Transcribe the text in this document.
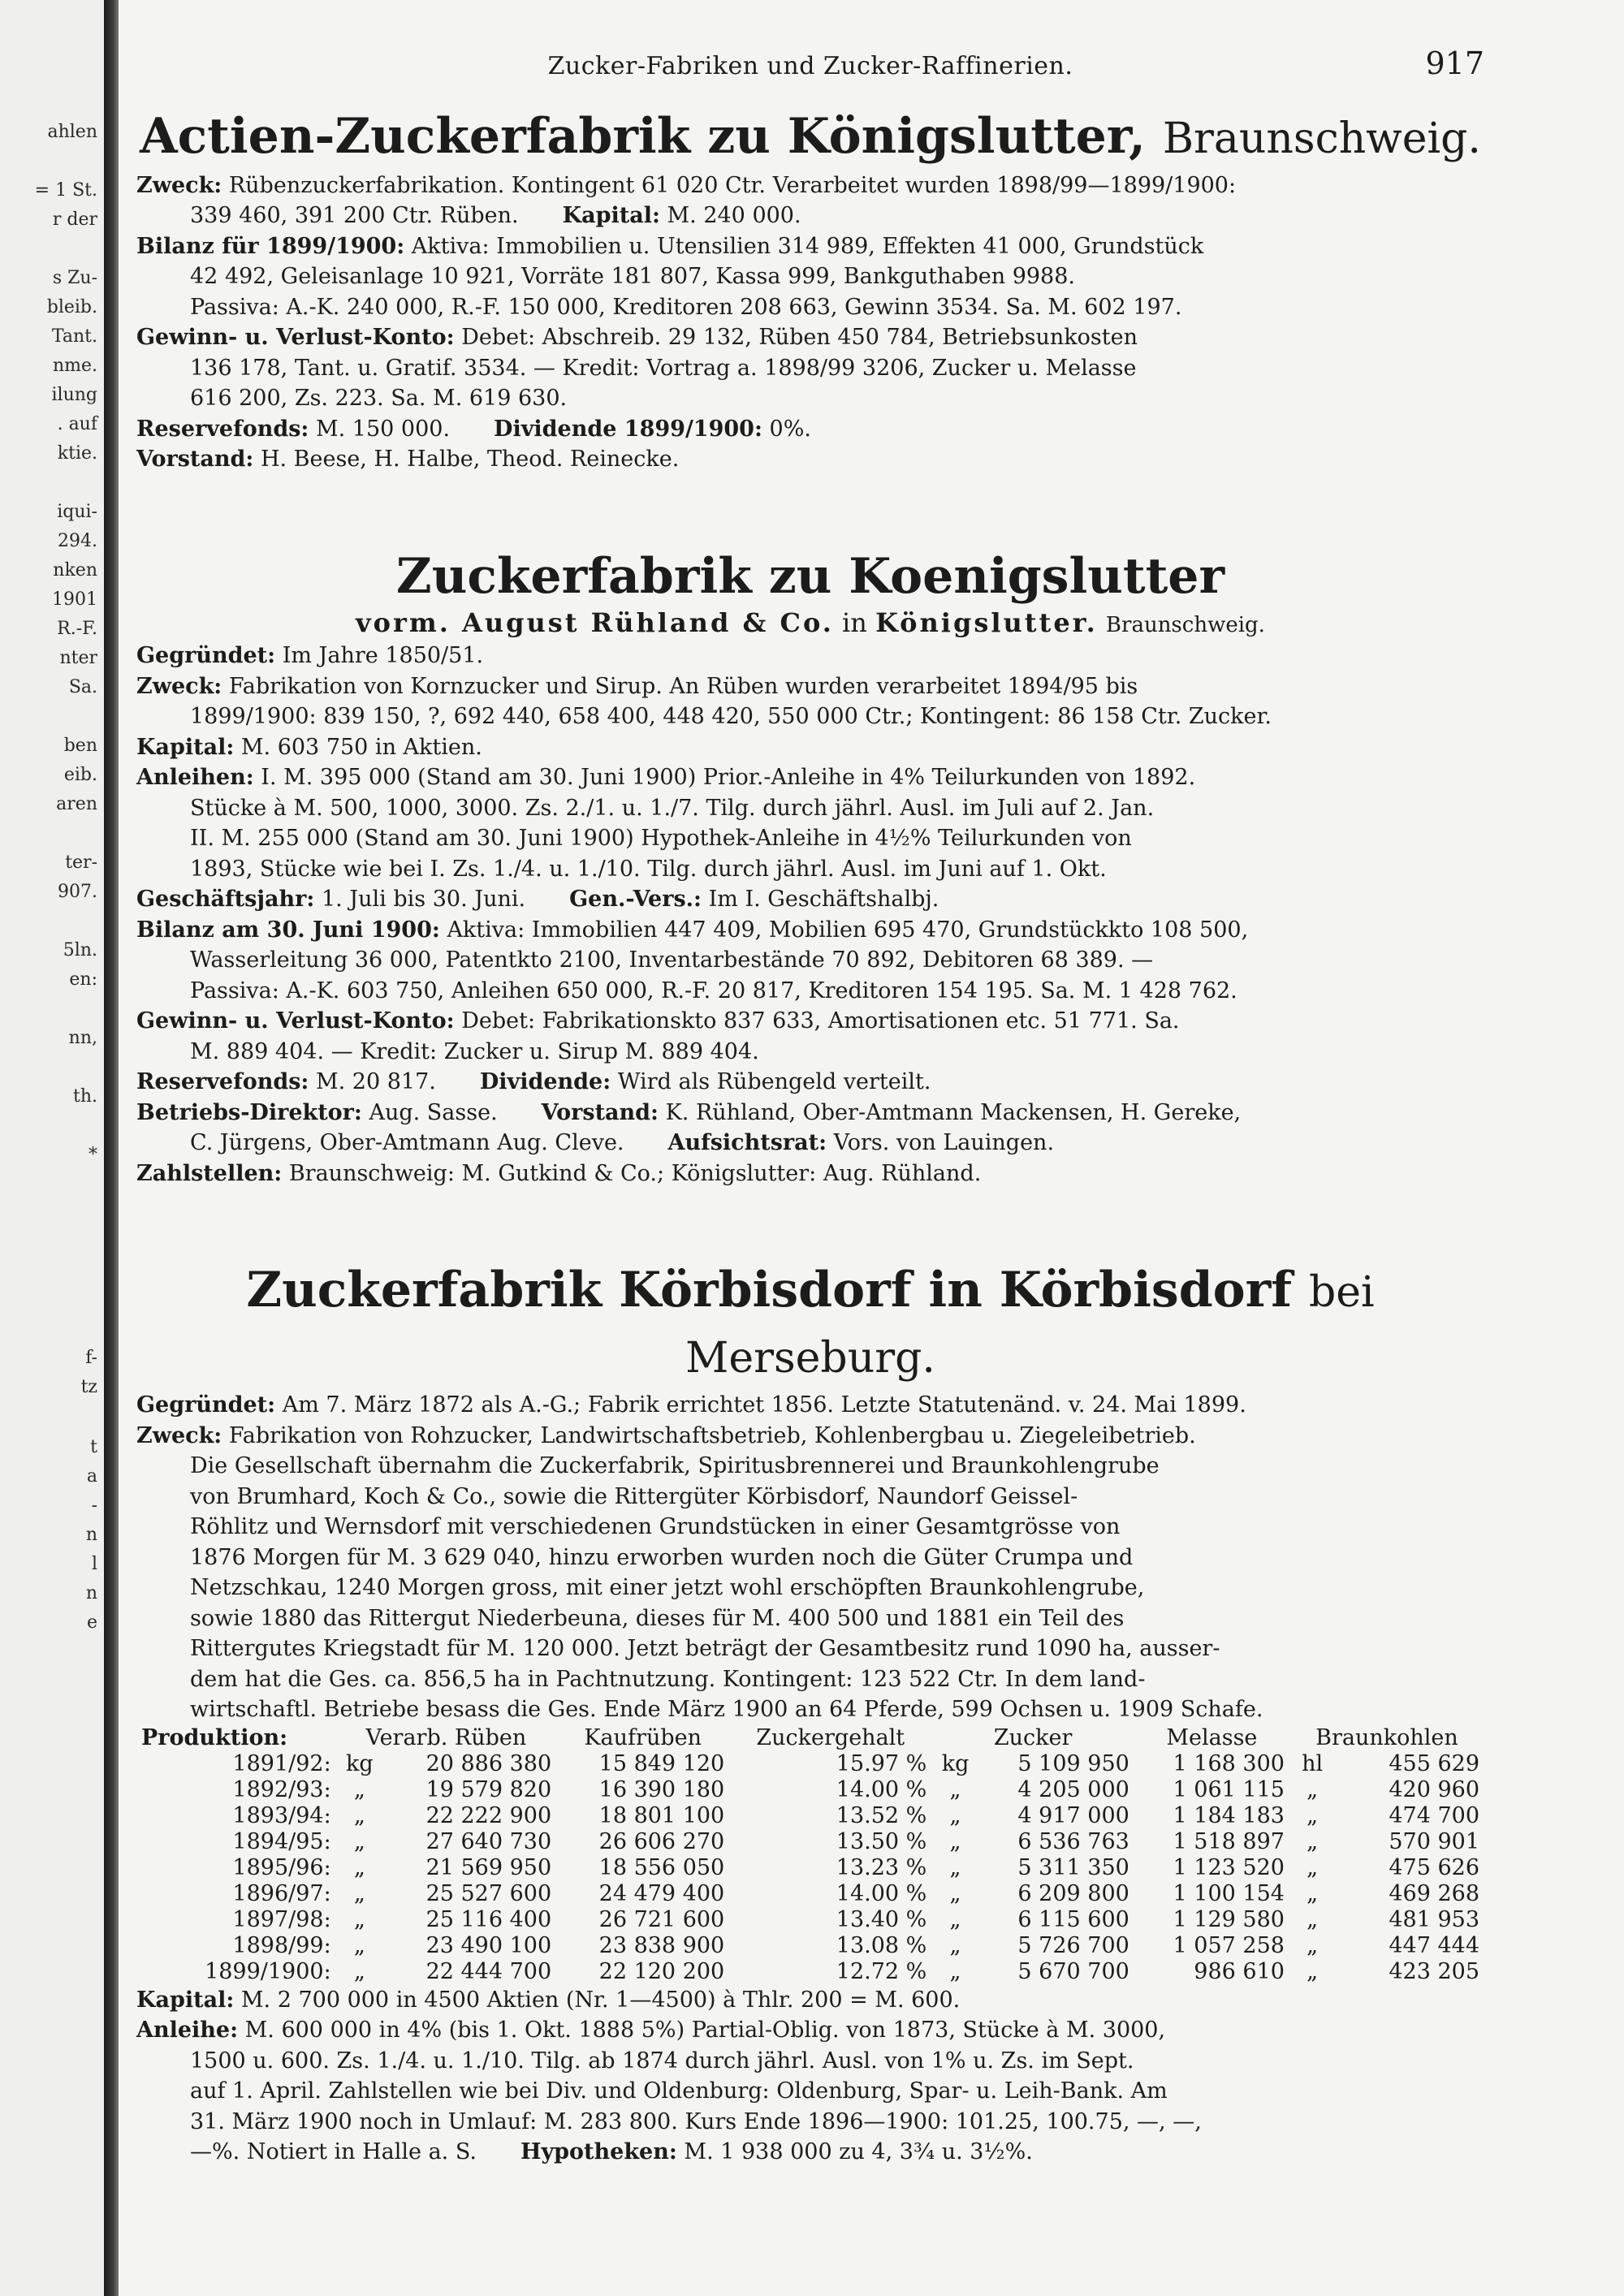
ahlen
= 1 St.
r der
s Zu-
bleib.
Tant.
nme.
ilung
. auf
ktie.
iqui-
294.
nken
1901
R.-F.
nter
Sa.
ben
eib.
aren
ter-
907.
5ln.
en:
nn,
th.
*
f-
tz
t
a
-
n
l
n
e
Zucker-Fabriken und Zucker-Raffinerien.	917
Actien-Zuckerfabrik zu Königslutter, Braunschweig.
Zweck: Rübenzuckerfabrikation. Kontingent 61 020 Ctr. Verarbeitet wurden 1898/99—1899/1900:
339 460, 391 200 Ctr. Rüben.   Kapital: M. 240 000.
Bilanz für 1899/1900: Aktiva: Immobilien u. Utensilien 314 989, Effekten 41 000, Grundstück
42 492, Geleisanlage 10 921, Vorräte 181 807, Kassa 999, Bankguthaben 9988.
Passiva: A.-K. 240 000, R.-F. 150 000, Kreditoren 208 663, Gewinn 3534. Sa. M. 602 197.
Gewinn- u. Verlust-Konto: Debet: Abschreib. 29 132, Rüben 450 784, Betriebsunkosten
136 178, Tant. u. Gratif. 3534. — Kredit: Vortrag a. 1898/99 3206, Zucker u. Melasse
616 200, Zs. 223. Sa. M. 619 630.
Reservefonds: M. 150 000.   Dividende 1899/1900: 0%.
Vorstand: H. Beese, H. Halbe, Theod. Reinecke.
Zuckerfabrik zu Koenigslutter
vorm. August Rühland & Co. in Königslutter. Braunschweig.
Gegründet: Im Jahre 1850/51.
Zweck: Fabrikation von Kornzucker und Sirup. An Rüben wurden verarbeitet 1894/95 bis
1899/1900: 839 150, ?, 692 440, 658 400, 448 420, 550 000 Ctr.; Kontingent: 86 158 Ctr. Zucker.
Kapital: M. 603 750 in Aktien.
Anleihen: I. M. 395 000 (Stand am 30. Juni 1900) Prior.-Anleihe in 4% Teilurkunden von 1892.
Stücke à M. 500, 1000, 3000. Zs. 2./1. u. 1./7. Tilg. durch jährl. Ausl. im Juli auf 2. Jan.
II. M. 255 000 (Stand am 30. Juni 1900) Hypothek-Anleihe in 4½% Teilurkunden von
1893, Stücke wie bei I. Zs. 1./4. u. 1./10. Tilg. durch jährl. Ausl. im Juni auf 1. Okt.
Geschäftsjahr: 1. Juli bis 30. Juni.   Gen.-Vers.: Im I. Geschäftshalbj.
Bilanz am 30. Juni 1900: Aktiva: Immobilien 447 409, Mobilien 695 470, Grundstückkto 108 500,
Wasserleitung 36 000, Patentkto 2100, Inventarbestände 70 892, Debitoren 68 389. —
Passiva: A.-K. 603 750, Anleihen 650 000, R.-F. 20 817, Kreditoren 154 195. Sa. M. 1 428 762.
Gewinn- u. Verlust-Konto: Debet: Fabrikationskto 837 633, Amortisationen etc. 51 771. Sa.
M. 889 404. — Kredit: Zucker u. Sirup M. 889 404.
Reservefonds: M. 20 817.   Dividende: Wird als Rübengeld verteilt.
Betriebs-Direktor: Aug. Sasse.   Vorstand: K. Rühland, Ober-Amtmann Mackensen, H. Gereke,
C. Jürgens, Ober-Amtmann Aug. Cleve.   Aufsichtsrat: Vors. von Lauingen.
Zahlstellen: Braunschweig: M. Gutkind & Co.; Königslutter: Aug. Rühland.
Zuckerfabrik Körbisdorf in Körbisdorf bei Merseburg.
Gegründet: Am 7. März 1872 als A.-G.; Fabrik errichtet 1856. Letzte Statutenänd. v. 24. Mai 1899.
Zweck: Fabrikation von Rohzucker, Landwirtschaftsbetrieb, Kohlenbergbau u. Ziegeleibetrieb.
Die Gesellschaft übernahm die Zuckerfabrik, Spiritusbrennerei und Braunkohlengrube
von Brumhard, Koch & Co., sowie die Rittergüter Körbisdorf, Naundorf Geissel-
Röhlitz und Wernsdorf mit verschiedenen Grundstücken in einer Gesamtgrösse von
1876 Morgen für M. 3 629 040, hinzu erworben wurden noch die Güter Crumpa und
Netzschkau, 1240 Morgen gross, mit einer jetzt wohl erschöpften Braunkohlengrube,
sowie 1880 das Rittergut Niederbeuna, dieses für M. 400 500 und 1881 ein Teil des
Rittergutes Kriegstadt für M. 120 000. Jetzt beträgt der Gesamtbesitz rund 1090 ha, ausser-
dem hat die Ges. ca. 856,5 ha in Pachtnutzung. Kontingent: 123 522 Ctr. In dem land-
wirtschaftl. Betriebe besass die Ges. Ende März 1900 an 64 Pferde, 599 Ochsen u. 1909 Schafe.
Produktion:	Verarb. Rüben		Kaufrüben	Zuckergehalt	Zucker		Melasse	Braunkohlen	
1891/92:	kg	20 886 380	15 849 120	15.97 %	kg	5 109 950	1 168 300	hl	455 629
1892/93:	„	19 579 820	16 390 180	14.00 %	„	4 205 000	1 061 115	„	420 960
1893/94:	„	22 222 900	18 801 100	13.52 %	„	4 917 000	1 184 183	„	474 700
1894/95:	„	27 640 730	26 606 270	13.50 %	„	6 536 763	1 518 897	„	570 901
1895/96:	„	21 569 950	18 556 050	13.23 %	„	5 311 350	1 123 520	„	475 626
1896/97:	„	25 527 600	24 479 400	14.00 %	„	6 209 800	1 100 154	„	469 268
1897/98:	„	25 116 400	26 721 600	13.40 %	„	6 115 600	1 129 580	„	481 953
1898/99:	„	23 490 100	23 838 900	13.08 %	„	5 726 700	1 057 258	„	447 444
1899/1900:	„	22 444 700	22 120 200	12.72 %	„	5 670 700	986 610	„	423 205
Kapital: M. 2 700 000 in 4500 Aktien (Nr. 1—4500) à Thlr. 200 = M. 600.
Anleihe: M. 600 000 in 4% (bis 1. Okt. 1888 5%) Partial-Oblig. von 1873, Stücke à M. 3000,
1500 u. 600. Zs. 1./4. u. 1./10. Tilg. ab 1874 durch jährl. Ausl. von 1% u. Zs. im Sept.
auf 1. April. Zahlstellen wie bei Div. und Oldenburg: Oldenburg, Spar- u. Leih-Bank. Am
31. März 1900 noch in Umlauf: M. 283 800. Kurs Ende 1896—1900: 101.25, 100.75, —, —,
—%. Notiert in Halle a. S.   Hypotheken: M. 1 938 000 zu 4, 3¾ u. 3½%.
